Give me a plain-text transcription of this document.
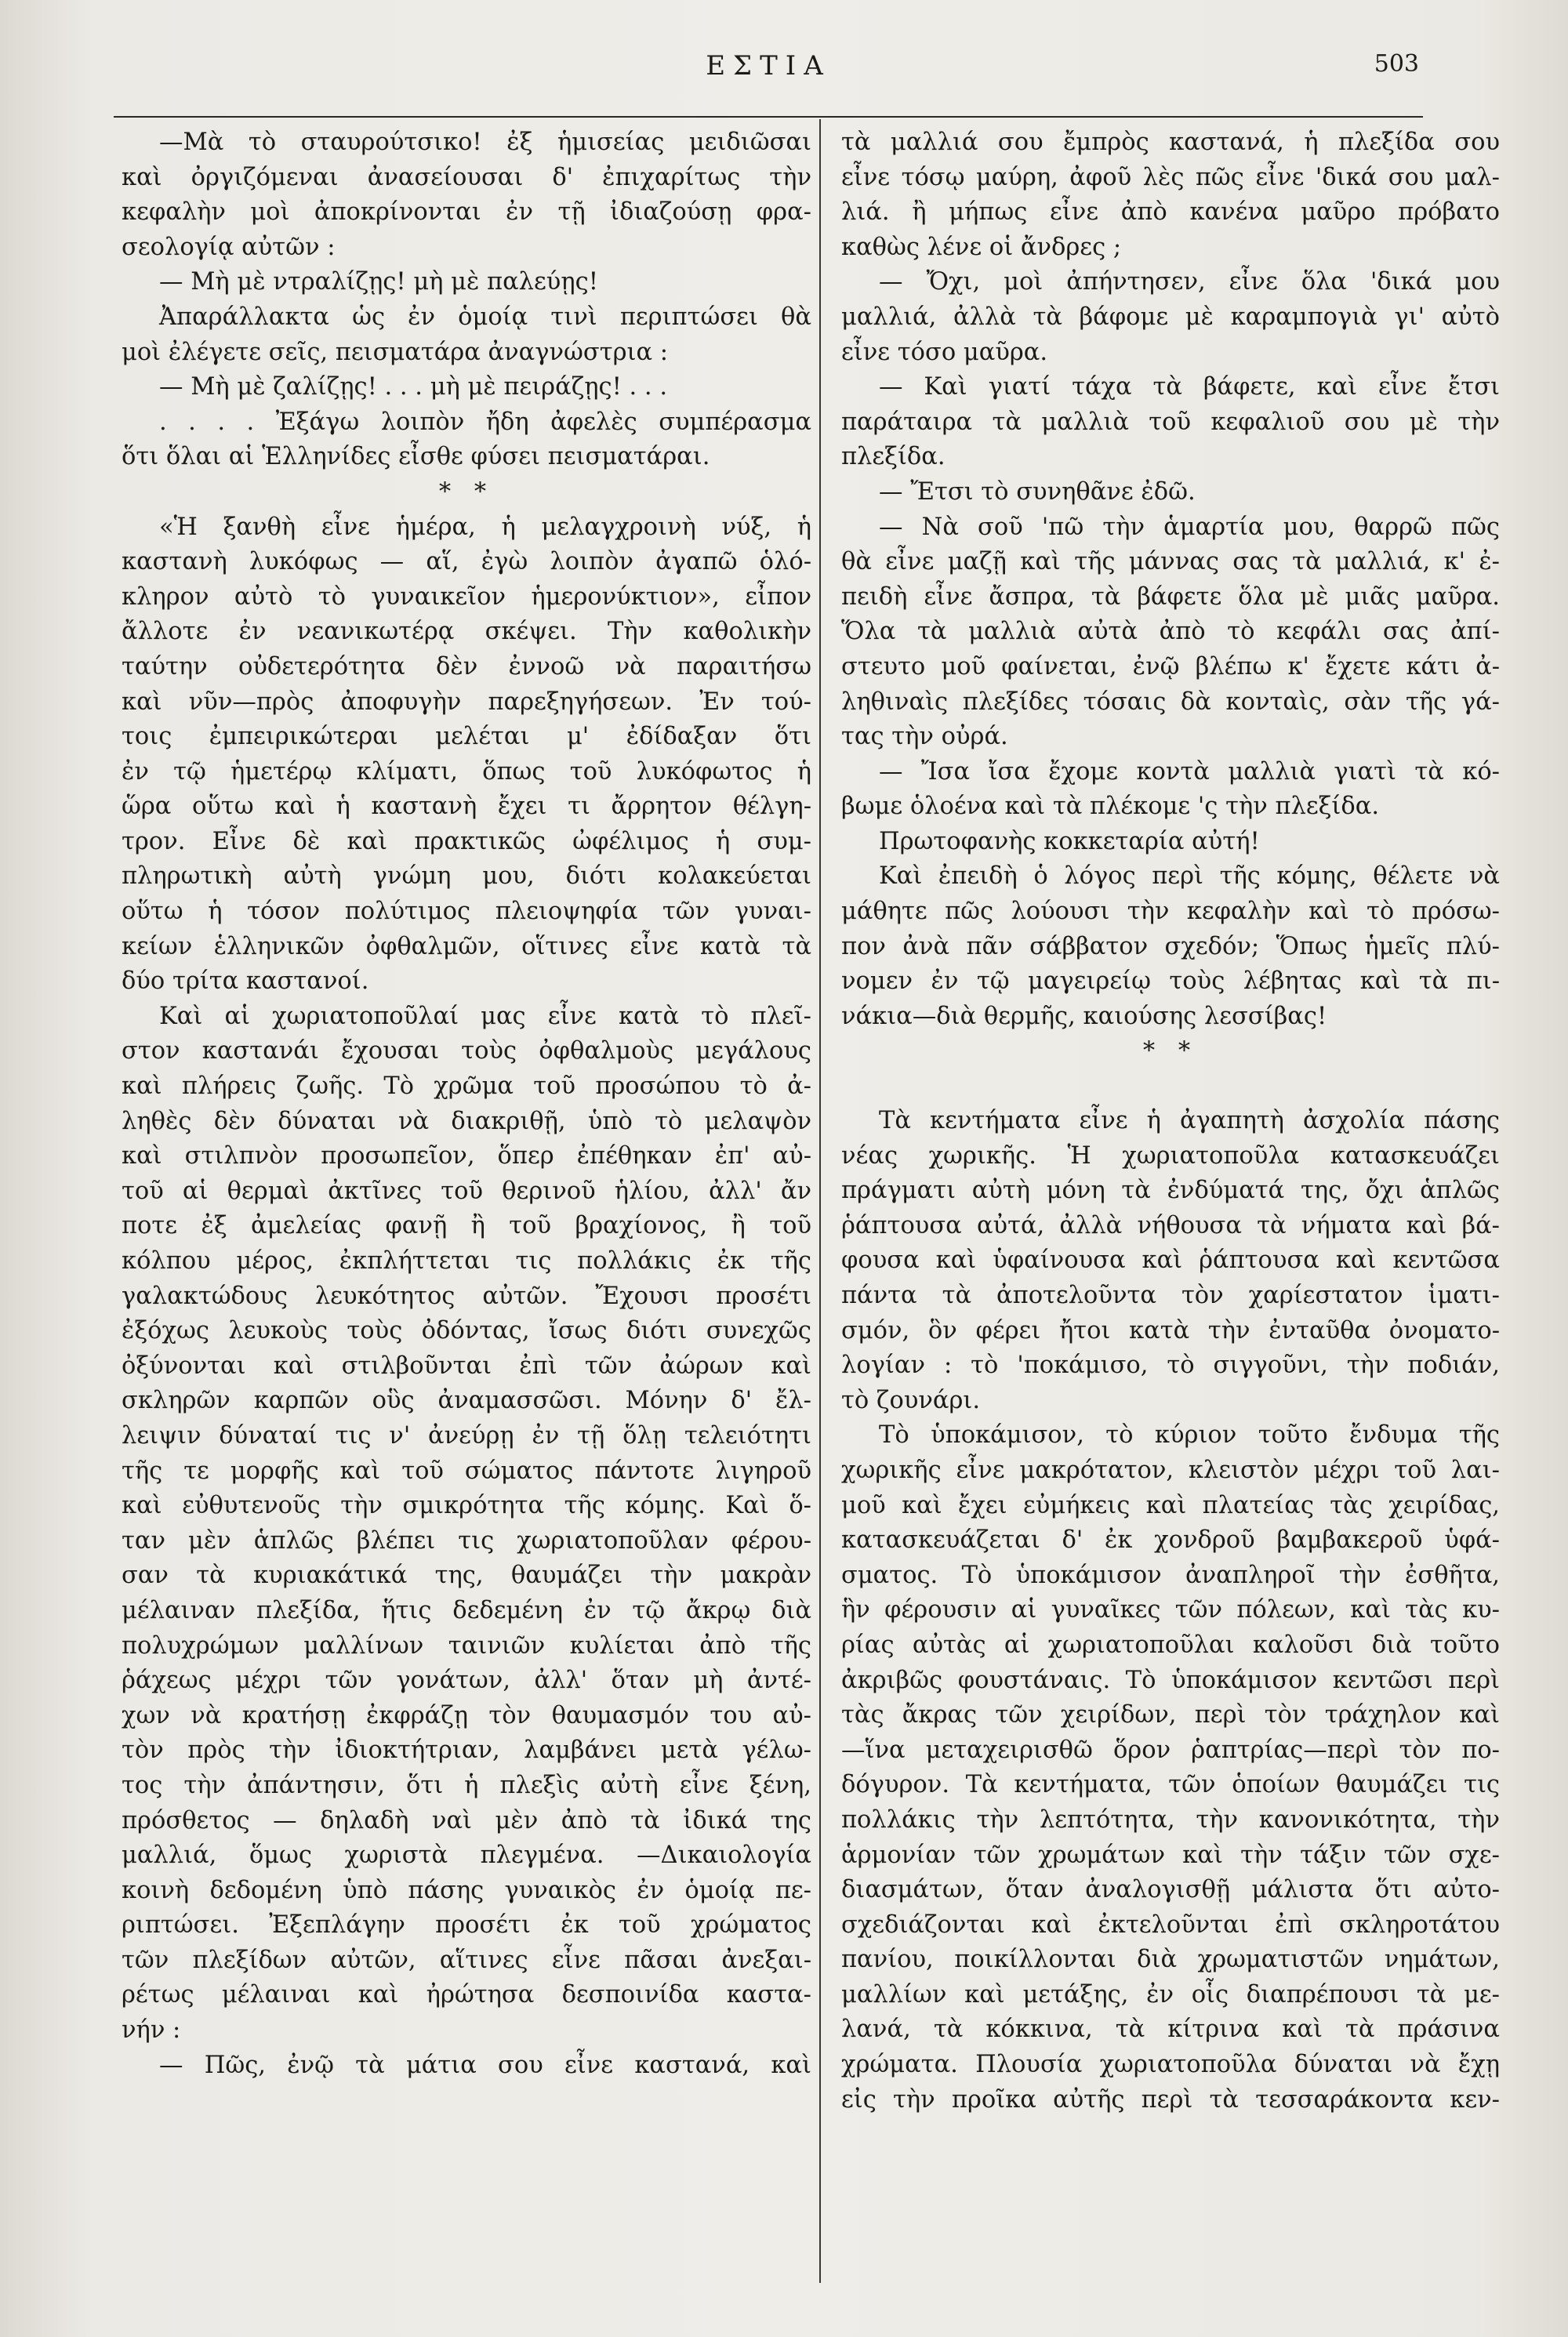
ΕΣΤΙΑ	503
—Μὰ τὸ σταυρούτσικο! ἐξ ἡμισείας μειδιῶσαι
καὶ ὀργιζόμεναι ἀνασείουσαι δ' ἐπιχαρίτως τὴν
κεφαλὴν μοὶ ἀποκρίνονται ἐν τῇ ἰδιαζούσῃ φρα-
σεολογίᾳ αὐτῶν :
— Μὴ μὲ ντραλίζῃς! μὴ μὲ παλεύῃς!
Ἀπαράλλακτα ὡς ἐν ὁμοίᾳ τινὶ περιπτώσει θὰ
μοὶ ἐλέγετε σεῖς, πεισματάρα ἀναγνώστρια :
— Μὴ μὲ ζαλίζῃς! . . . μὴ μὲ πειράζῃς! . . .
. . . . Ἐξάγω λοιπὸν ἤδη ἀφελὲς συμπέρασμα
ὅτι ὅλαι αἱ Ἑλληνίδες εἶσθε φύσει πεισματάραι.
* *
«Ἡ ξανθὴ εἶνε ἡμέρα, ἡ μελαγχροινὴ νύξ, ἡ
καστανὴ λυκόφως — αἵ, ἐγὼ λοιπὸν ἀγαπῶ ὁλό-
κληρον αὐτὸ τὸ γυναικεῖον ἡμερονύκτιον», εἶπον
ἄλλοτε ἐν νεανικωτέρᾳ σκέψει. Τὴν καθολικὴν
ταύτην οὐδετερότητα δὲν ἐννοῶ νὰ παραιτήσω
καὶ νῦν—πρὸς ἀποφυγὴν παρεξηγήσεων. Ἐν τού-
τοις ἐμπειρικώτεραι μελέται μ' ἐδίδαξαν ὅτι
ἐν τῷ ἡμετέρῳ κλίματι, ὅπως τοῦ λυκόφωτος ἡ
ὥρα οὕτω καὶ ἡ καστανὴ ἔχει τι ἄρρητον θέλγη-
τρον. Εἶνε δὲ καὶ πρακτικῶς ὠφέλιμος ἡ συμ-
πληρωτικὴ αὐτὴ γνώμη μου, διότι κολακεύεται
οὕτω ἡ τόσον πολύτιμος πλειοψηφία τῶν γυναι-
κείων ἑλληνικῶν ὀφθαλμῶν, οἵτινες εἶνε κατὰ τὰ
δύο τρίτα καστανοί.
Καὶ αἱ χωριατοποῦλαί μας εἶνε κατὰ τὸ πλεῖ-
στον καστανάι ἔχουσαι τοὺς ὀφθαλμοὺς μεγάλους
καὶ πλήρεις ζωῆς. Τὸ χρῶμα τοῦ προσώπου τὸ ἀ-
ληθὲς δὲν δύναται νὰ διακριθῇ, ὑπὸ τὸ μελαψὸν
καὶ στιλπνὸν προσωπεῖον, ὅπερ ἐπέθηκαν ἐπ' αὐ-
τοῦ αἱ θερμαὶ ἀκτῖνες τοῦ θερινοῦ ἡλίου, ἀλλ' ἄν
ποτε ἐξ ἀμελείας φανῇ ἢ τοῦ βραχίονος, ἢ τοῦ
κόλπου μέρος, ἐκπλήττεται τις πολλάκις ἐκ τῆς
γαλακτώδους λευκότητος αὐτῶν. Ἔχουσι προσέτι
ἐξόχως λευκοὺς τοὺς ὀδόντας, ἴσως διότι συνεχῶς
ὀξύνονται καὶ στιλβοῦνται ἐπὶ τῶν ἀώρων καὶ
σκληρῶν καρπῶν οὓς ἀναμασσῶσι. Μόνην δ' ἔλ-
λειψιν δύναταί τις ν' ἀνεύρῃ ἐν τῇ ὅλῃ τελειότητι
τῆς τε μορφῆς καὶ τοῦ σώματος πάντοτε λιγηροῦ
καὶ εὐθυτενοῦς τὴν σμικρότητα τῆς κόμης. Καὶ ὅ-
ταν μὲν ἁπλῶς βλέπει τις χωριατοποῦλαν φέρου-
σαν τὰ κυριακάτικά της, θαυμάζει τὴν μακρὰν
μέλαιναν πλεξίδα, ἥτις δεδεμένη ἐν τῷ ἄκρῳ διὰ
πολυχρώμων μαλλίνων ταινιῶν κυλίεται ἀπὸ τῆς
ῥάχεως μέχρι τῶν γονάτων, ἀλλ' ὅταν μὴ ἀντέ-
χων νὰ κρατήσῃ ἐκφράζῃ τὸν θαυμασμόν του αὐ-
τὸν πρὸς τὴν ἰδιοκτήτριαν, λαμβάνει μετὰ γέλω-
τος τὴν ἀπάντησιν, ὅτι ἡ πλεξὶς αὐτὴ εἶνε ξένη,
πρόσθετος — δηλαδὴ ναὶ μὲν ἀπὸ τὰ ἰδικά της
μαλλιά, ὅμως χωριστὰ πλεγμένα. —Δικαιολογία
κοινὴ δεδομένη ὑπὸ πάσης γυναικὸς ἐν ὁμοίᾳ πε-
ριπτώσει. Ἐξεπλάγην προσέτι ἐκ τοῦ χρώματος
τῶν πλεξίδων αὐτῶν, αἵτινες εἶνε πᾶσαι ἀνεξαι-
ρέτως μέλαιναι καὶ ἠρώτησα δεσποινίδα καστα-
νήν :
— Πῶς, ἐνῷ τὰ μάτια σου εἶνε καστανά, καὶ
τὰ μαλλιά σου ἔμπρὸς καστανά, ἡ πλεξίδα σου
εἶνε τόσῳ μαύρη, ἀφοῦ λὲς πῶς εἶνε 'δικά σου μαλ-
λιά. ἢ μήπως εἶνε ἀπὸ κανένα μαῦρο πρόβατο
καθὼς λένε οἱ ἄνδρες ;
— Ὄχι, μοὶ ἀπήντησεν, εἶνε ὅλα 'δικά μου
μαλλιά, ἀλλὰ τὰ βάφομε μὲ καραμπογιὰ γι' αὐτὸ
εἶνε τόσο μαῦρα.
— Καὶ γιατί τάχα τὰ βάφετε, καὶ εἶνε ἔτσι
παράταιρα τὰ μαλλιὰ τοῦ κεφαλιοῦ σου μὲ τὴν
πλεξίδα.
— Ἔτσι τὸ συνηθᾶνε ἐδῶ.
— Νὰ σοῦ 'πῶ τὴν ἁμαρτία μου, θαρρῶ πῶς
θὰ εἶνε μαζῇ καὶ τῆς μάννας σας τὰ μαλλιά, κ' ἐ-
πειδὴ εἶνε ἄσπρα, τὰ βάφετε ὅλα μὲ μιᾶς μαῦρα.
Ὅλα τὰ μαλλιὰ αὐτὰ ἀπὸ τὸ κεφάλι σας ἀπί-
στευτο μοῦ φαίνεται, ἐνῷ βλέπω κ' ἔχετε κάτι ἀ-
ληθιναὶς πλεξίδες τόσαις δὰ κονταὶς, σὰν τῆς γά-
τας τὴν οὐρά.
— Ἴσα ἴσα ἔχομε κοντὰ μαλλιὰ γιατὶ τὰ κό-
βωμε ὁλοένα καὶ τὰ πλέκομε 'ς τὴν πλεξίδα.
Πρωτοφανὴς κοκκεταρία αὐτή!
Καὶ ἐπειδὴ ὁ λόγος περὶ τῆς κόμης, θέλετε νὰ
μάθητε πῶς λούουσι τὴν κεφαλὴν καὶ τὸ πρόσω-
πον ἀνὰ πᾶν σάββατον σχεδόν; Ὅπως ἡμεῖς πλύ-
νομεν ἐν τῷ μαγειρείῳ τοὺς λέβητας καὶ τὰ πι-
νάκια—διὰ θερμῆς, καιούσης λεσσίβας!
* *
Τὰ κεντήματα εἶνε ἡ ἀγαπητὴ ἀσχολία πάσης
νέας χωρικῆς. Ἡ χωριατοποῦλα κατασκευάζει
πράγματι αὐτὴ μόνη τὰ ἐνδύματά της, ὄχι ἁπλῶς
ῥάπτουσα αὐτά, ἀλλὰ νήθουσα τὰ νήματα καὶ βά-
φουσα καὶ ὑφαίνουσα καὶ ῥάπτουσα καὶ κεντῶσα
πάντα τὰ ἀποτελοῦντα τὸν χαρίεστατον ἱματι-
σμόν, ὃν φέρει ἤτοι κατὰ τὴν ἐνταῦθα ὀνοματο-
λογίαν : τὸ 'ποκάμισο, τὸ σιγγοῦνι, τὴν ποδιάν,
τὸ ζουνάρι.
Τὸ ὑποκάμισον, τὸ κύριον τοῦτο ἔνδυμα τῆς
χωρικῆς εἶνε μακρότατον, κλειστὸν μέχρι τοῦ λαι-
μοῦ καὶ ἔχει εὐμήκεις καὶ πλατείας τὰς χειρίδας,
κατασκευάζεται δ' ἐκ χονδροῦ βαμβακεροῦ ὑφά-
σματος. Τὸ ὑποκάμισον ἀναπληροῖ τὴν ἐσθῆτα,
ἣν φέρουσιν αἱ γυναῖκες τῶν πόλεων, καὶ τὰς κυ-
ρίας αὐτὰς αἱ χωριατοποῦλαι καλοῦσι διὰ τοῦτο
ἀκριβῶς φουστάναις. Τὸ ὑποκάμισον κεντῶσι περὶ
τὰς ἄκρας τῶν χειρίδων, περὶ τὸν τράχηλον καὶ
—ἵνα μεταχειρισθῶ ὅρον ῥαπτρίας—περὶ τὸν πο-
δόγυρον. Τὰ κεντήματα, τῶν ὁποίων θαυμάζει τις
πολλάκις τὴν λεπτότητα, τὴν κανονικότητα, τὴν
ἁρμονίαν τῶν χρωμάτων καὶ τὴν τάξιν τῶν σχε-
διασμάτων, ὅταν ἀναλογισθῇ μάλιστα ὅτι αὐτο-
σχεδιάζονται καὶ ἐκτελοῦνται ἐπὶ σκληροτάτου
πανίου, ποικίλλονται διὰ χρωματιστῶν νημάτων,
μαλλίων καὶ μετάξης, ἐν οἷς διαπρέπουσι τὰ με-
λανά, τὰ κόκκινα, τὰ κίτρινα καὶ τὰ πράσινα
χρώματα. Πλουσία χωριατοποῦλα δύναται νὰ ἔχῃ
εἰς τὴν προῖκα αὐτῆς περὶ τὰ τεσσαράκοντα κεν-
